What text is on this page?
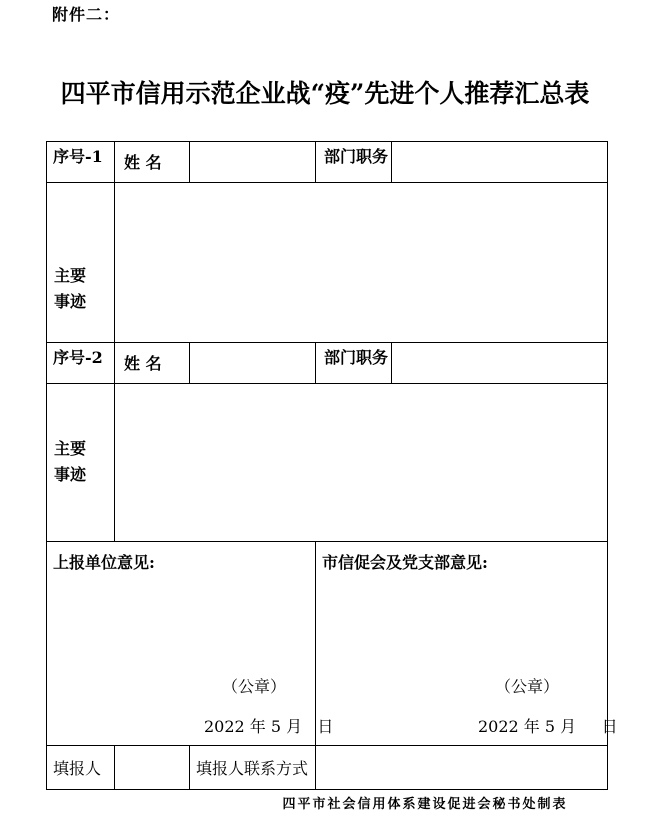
附件二：
四平市信用示范企业战“疫”先进个人推荐汇总表
序号-1 姓 名	部门职务
主要
事迹
序号-2 姓 名	部门职务
主要
事迹
上报单位意见:	市信促会及党支部意见:
（公章）	（公章）
2022 年 5 月   日	2022 年 5 月     日
填报人	填报人联系方式
四平市社会信用体系建设促进会秘书处制表
